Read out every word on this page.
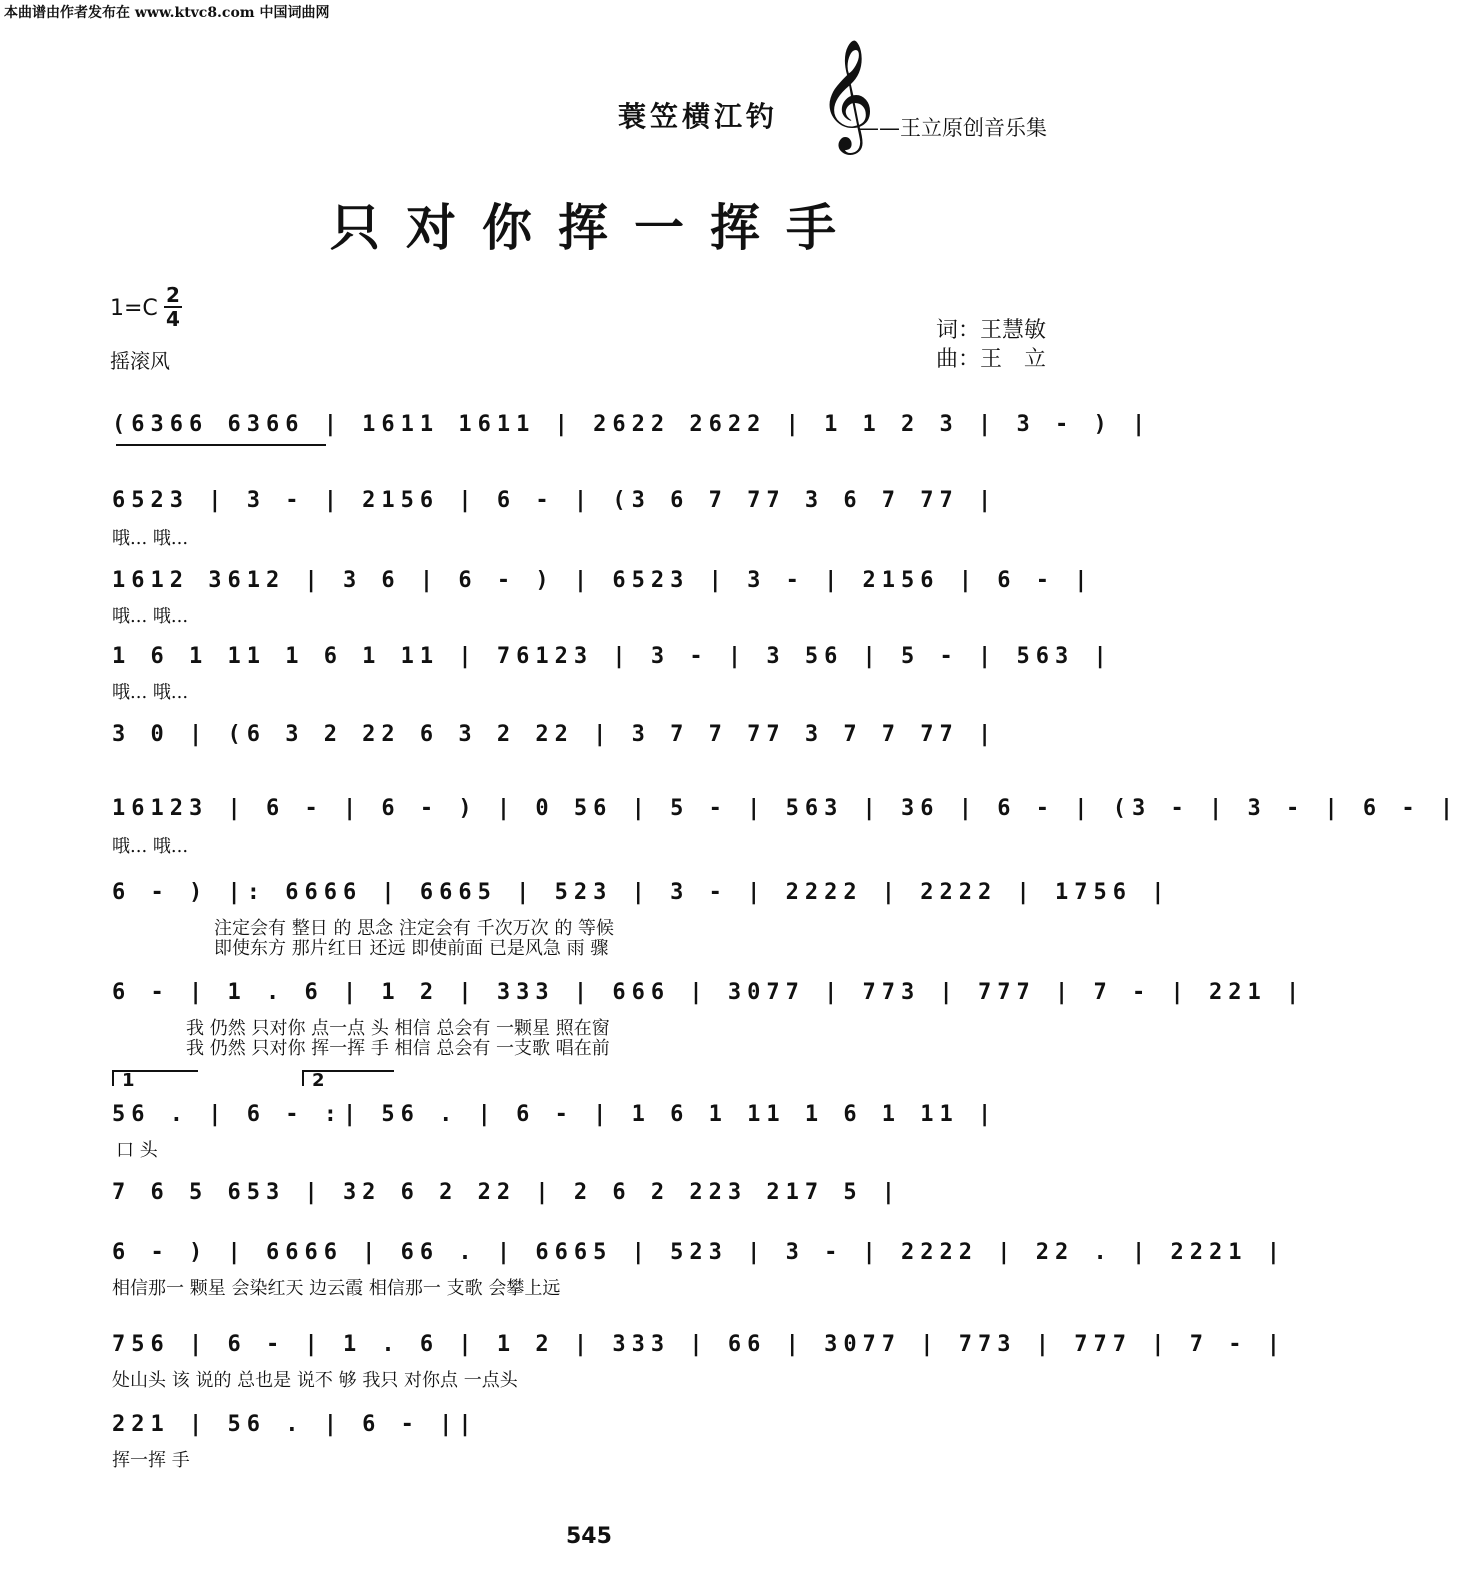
本曲谱由作者发布在 www.ktvc8.com 中国词曲网
蓑笠横江钓 𝄞
——王立原创音乐集
只对你挥一挥手
1=C
2
4
摇滚风
词：王慧敏
曲：王　立
(6366 6366 | 1611 1611 | 2622 2622 | 1 1 2 3 | 3 - ) |
6523 | 3 - | 2156 | 6 - | (3 6 7 77 3 6 7 77 |
哦... 哦...
1612 3612 | 3 6 | 6 - ) | 6523 | 3 - | 2156 | 6 - |
哦... 哦...
1 6 1 11 1 6 1 11 | 76123 | 3 - | 3 56 | 5 - | 563 |
哦... 哦...
3 0 | (6 3 2 22 6 3 2 22 | 3 7 7 77 3 7 7 77 |
16123 | 6 - | 6 - ) | 0 56 | 5 - | 563 | 36 | 6 - | (3 - | 3 - | 6 - |
哦... 哦...
6 - ) |: 6666 | 6665 | 523 | 3 - | 2222 | 2222 | 1756 |
注定会有 整日 的 思念 注定会有 千次万次 的 等候
即使东方 那片红日 还远 即使前面 已是风急 雨 骤
6 - | 1 . 6 | 1 2 | 333 | 666 | 3077 | 773 | 777 | 7 - | 221 |
我 仍然 只对你 点一点 头 相信 总会有 一颗星 照在窗
我 仍然 只对你 挥一挥 手 相信 总会有 一支歌 唱在前
1	2
56 . | 6 - :| 56 . | 6 - | 1 6 1 11 1 6 1 11 |
口 头
7 6 5 653 | 32 6 2 22 | 2 6 2 223 217 5 |
6 - ) | 6666 | 66 . | 6665 | 523 | 3 - | 2222 | 22 . | 2221 |
相信那一 颗星 会染红天 边云霞 相信那一 支歌 会攀上远
756 | 6 - | 1 . 6 | 1 2 | 333 | 66 | 3077 | 773 | 777 | 7 - |
处山头 该 说的 总也是 说不 够 我只 对你点 一点头
221 | 56 . | 6 - ||
挥一挥 手
545
